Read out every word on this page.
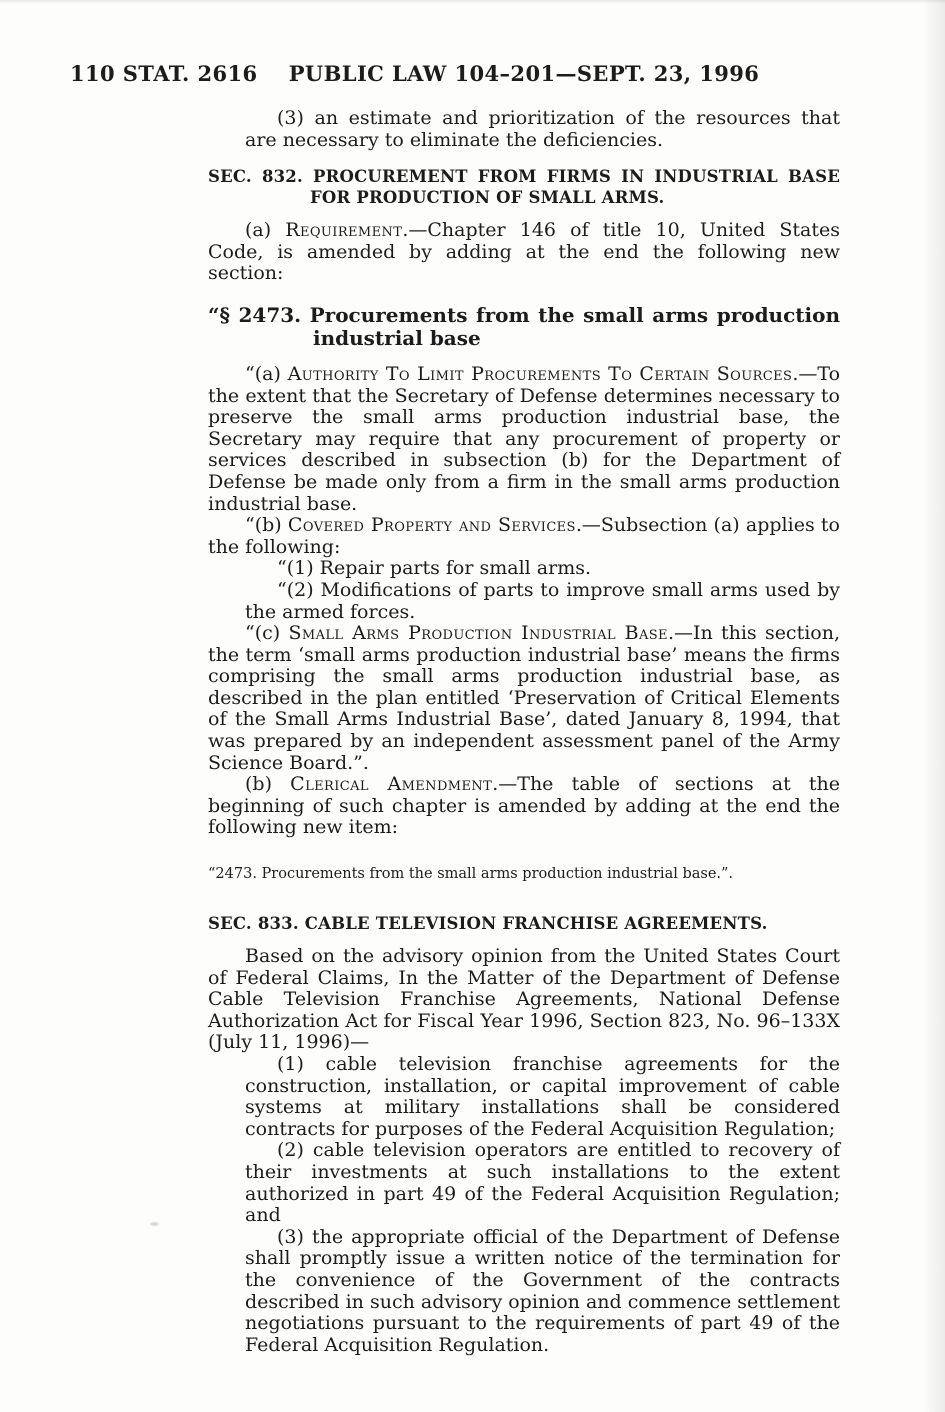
110 STAT. 2616	PUBLIC LAW 104–201—SEPT. 23, 1996
(3) an estimate and prioritization of the resources that are necessary to eliminate the deficiencies.
SEC. 832. PROCUREMENT FROM FIRMS IN INDUSTRIAL BASE FOR PRODUCTION OF SMALL ARMS.
(a) Requirement.—Chapter 146 of title 10, United States Code, is amended by adding at the end the following new section:
“§ 2473. Procurements from the small arms production industrial base
“(a) Authority To Limit Procurements To Certain Sources.—To the extent that the Secretary of Defense determines necessary to preserve the small arms production industrial base, the Secretary may require that any procurement of property or services described in subsection (b) for the Department of Defense be made only from a firm in the small arms production industrial base.
“(b) Covered Property and Services.—Subsection (a) applies to the following:
“(1) Repair parts for small arms.
“(2) Modifications of parts to improve small arms used by the armed forces.
“(c) Small Arms Production Industrial Base.—In this section, the term ‘small arms production industrial base’ means the firms comprising the small arms production industrial base, as described in the plan entitled ‘Preservation of Critical Elements of the Small Arms Industrial Base’, dated January 8, 1994, that was prepared by an independent assessment panel of the Army Science Board.”.
(b) Clerical Amendment.—The table of sections at the beginning of such chapter is amended by adding at the end the following new item:
“2473. Procurements from the small arms production industrial base.”.
SEC. 833. CABLE TELEVISION FRANCHISE AGREEMENTS.
Based on the advisory opinion from the United States Court of Federal Claims, In the Matter of the Department of Defense Cable Television Franchise Agreements, National Defense Authorization Act for Fiscal Year 1996, Section 823, No. 96–133X (July 11, 1996)—
(1) cable television franchise agreements for the construction, installation, or capital improvement of cable systems at military installations shall be considered contracts for purposes of the Federal Acquisition Regulation;
(2) cable television operators are entitled to recovery of their investments at such installations to the extent authorized in part 49 of the Federal Acquisition Regulation; and
(3) the appropriate official of the Department of Defense shall promptly issue a written notice of the termination for the convenience of the Government of the contracts described in such advisory opinion and commence settlement negotiations pursuant to the requirements of part 49 of the Federal Acquisition Regulation.
